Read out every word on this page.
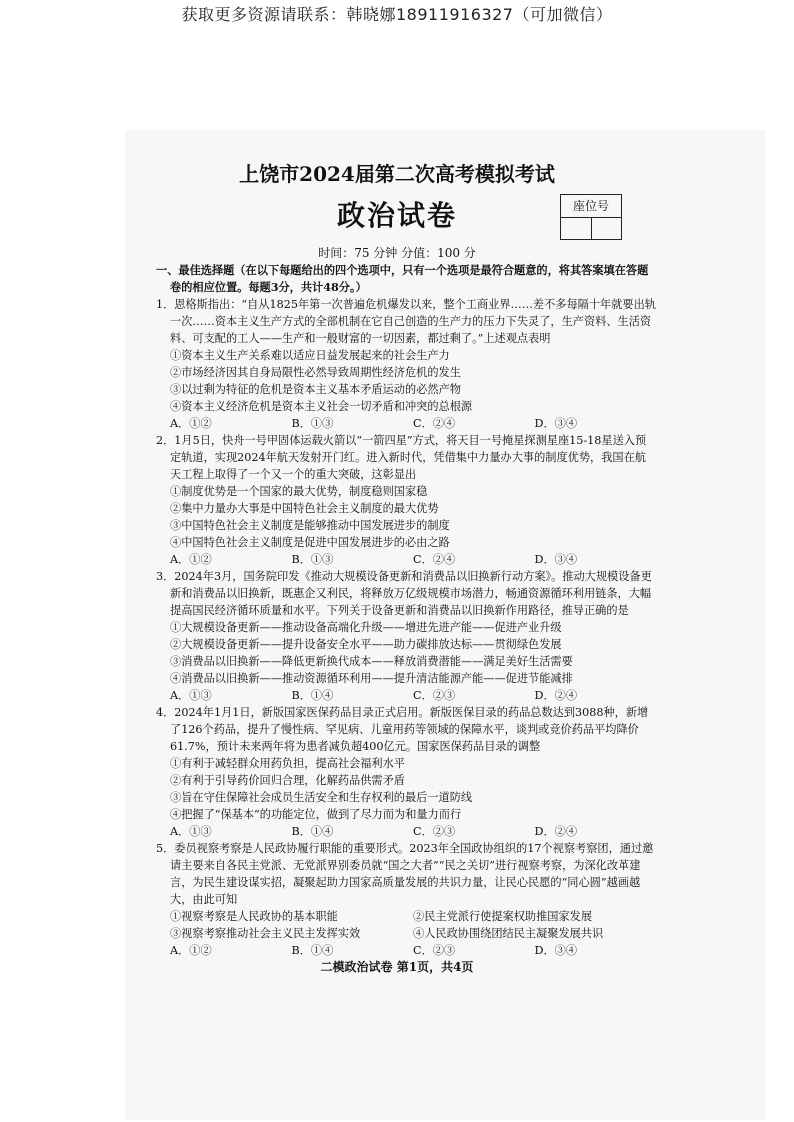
获取更多资源请联系：韩晓娜18911916327（可加微信）
上饶市2024届第二次高考模拟考试
政治试卷	座位号
时间：75 分钟 分值：100 分

一、最佳选择题（在以下每题给出的四个选项中，只有一个选项是最符合题意的，将其答案填在答题卷的相应位置。每题3分，共计48分。）

1．恩格斯指出：“自从1825年第一次普遍危机爆发以来，整个工商业界……差不多每隔十年就要出轨一次……资本主义生产方式的全部机制在它自己创造的生产力的压力下失灵了，生产资料、生活资料、可支配的工人——生产和一般财富的一切因素，都过剩了。”上述观点表明

①资本主义生产关系难以适应日益发展起来的社会生产力

②市场经济因其自身局限性必然导致周期性经济危机的发生

③以过剩为特征的危机是资本主义基本矛盾运动的必然产物

④资本主义经济危机是资本主义社会一切矛盾和冲突的总根源

A．①②	B．①③	C．②④	D．③④

2．1月5日，快舟一号甲固体运载火箭以“一箭四星”方式，将天目一号掩星探测星座15-18星送入预定轨道，实现2024年航天发射开门红。进入新时代，凭借集中力量办大事的制度优势，我国在航天工程上取得了一个又一个的重大突破，这彰显出

①制度优势是一个国家的最大优势，制度稳则国家稳

②集中力量办大事是中国特色社会主义制度的最大优势

③中国特色社会主义制度是能够推动中国发展进步的制度

④中国特色社会主义制度是促进中国发展进步的必由之路

A．①②	B．①③	C．②④	D．③④

3．2024年3月，国务院印发《推动大规模设备更新和消费品以旧换新行动方案》。推动大规模设备更新和消费品以旧换新，既惠企又利民，将释放万亿级规模市场潜力，畅通资源循环利用链条，大幅提高国民经济循环质量和水平。下列关于设备更新和消费品以旧换新作用路径，推导正确的是

①大规模设备更新——推动设备高端化升级——增进先进产能——促进产业升级

②大规模设备更新——提升设备安全水平——助力碳排放达标——贯彻绿色发展

③消费品以旧换新——降低更新换代成本——释放消费潜能——满足美好生活需要

④消费品以旧换新——推动资源循环利用——提升清洁能源产能——促进节能减排

A．①③	B．①④	C．②③	D．②④

4．2024年1月1日，新版国家医保药品目录正式启用。新版医保目录的药品总数达到3088种，新增了126个药品，提升了慢性病、罕见病、儿童用药等领域的保障水平，谈判或竞价药品平均降价61.7%，预计未来两年将为患者减负超400亿元。国家医保药品目录的调整

①有利于减轻群众用药负担，提高社会福利水平

②有利于引导药价回归合理，化解药品供需矛盾

③旨在守住保障社会成员生活安全和生存权利的最后一道防线

④把握了“保基本”的功能定位，做到了尽力而为和量力而行

A．①③	B．①④	C．②③	D．②④

5．委员视察考察是人民政协履行职能的重要形式。2023年全国政协组织的17个视察考察团，通过邀请主要来自各民主党派、无党派界别委员就“国之大者”“民之关切”进行视察考察，为深化改革建言，为民生建设谋实招，凝聚起助力国家高质量发展的共识力量，让民心民愿的“同心圆”越画越大，由此可知

①视察考察是人民政协的基本职能	②民主党派行使提案权助推国家发展
③视察考察推动社会主义民主发挥实效	④人民政协围绕团结民主凝聚发展共识
A．①②	B．①④	C．②③	D．③④
二模政治试卷 第1页，共4页
